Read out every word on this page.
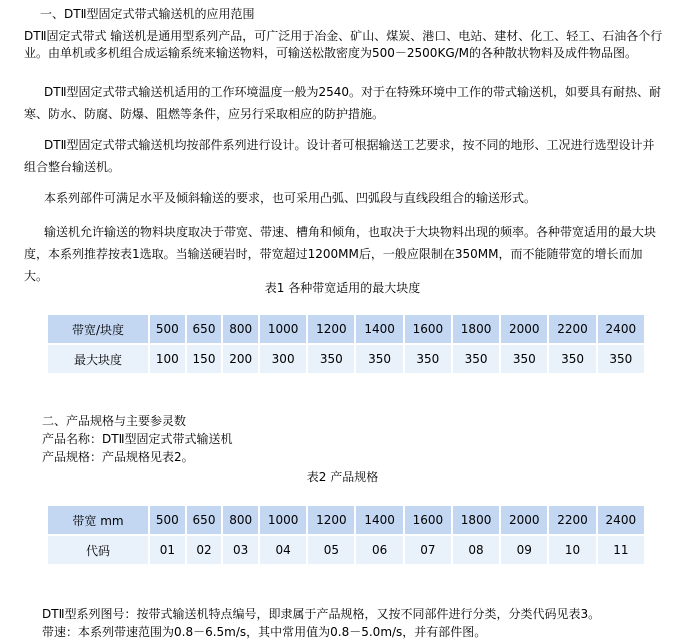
一、DTⅡ型固定式带式输送机的应用范围
DTⅡ固定式带式 输送机是通用型系列产品，可广泛用于冶金、矿山、煤炭、港口、电站、建材、化工、轻工、石油各个行
业。由单机或多机组合成运输系统来输送物料，可输送松散密度为500－2500KG/M的各种散状物料及成件物品图。
DTⅡ型固定式带式输送机适用的工作环境温度一般为2540。对于在特殊环境中工作的带式输送机，如要具有耐热、耐寒、防水、防腐、防爆、阻燃等条件，应另行采取相应的防护措施。
DTⅡ型固定式带式输送机均按部件系列进行设计。设计者可根据输送工艺要求，按不同的地形、工况进行选型设计并组合整台输送机。
本系列部件可满足水平及倾斜输送的要求，也可采用凸弧、凹弧段与直线段组合的输送形式。
输送机允许输送的物料块度取决于带宽、带速、槽角和倾角，也取决于大块物料出现的频率。各种带宽适用的最大块度，本系列推荐按表1选取。当输送硬岩时，带宽超过1200MM后，一般应限制在350MM，而不能随带宽的增长而加大。
表1 各种带宽适用的最大块度
带宽/块度	500	650	800	1000	1200	1400	1600	1800	2000	2200	2400
最大块度	100	150	200	300	350	350	350	350	350	350	350
二、产品规格与主要参灵数
产品名称：DTⅡ型固定式带式输送机
产品规格：产品规格见表2。
表2 产品规格
带宽 mm	500	650	800	1000	1200	1400	1600	1800	2000	2200	2400
代码	01	02	03	04	05	06	07	08	09	10	11
DTⅡ型系列图号：按带式输送机特点编号，即隶属于产品规格，又按不同部件进行分类，分类代码见表3。
带速：本系列带速范围为0.8－6.5m/s，其中常用值为0.8－5.0m/s，并有部件图。
